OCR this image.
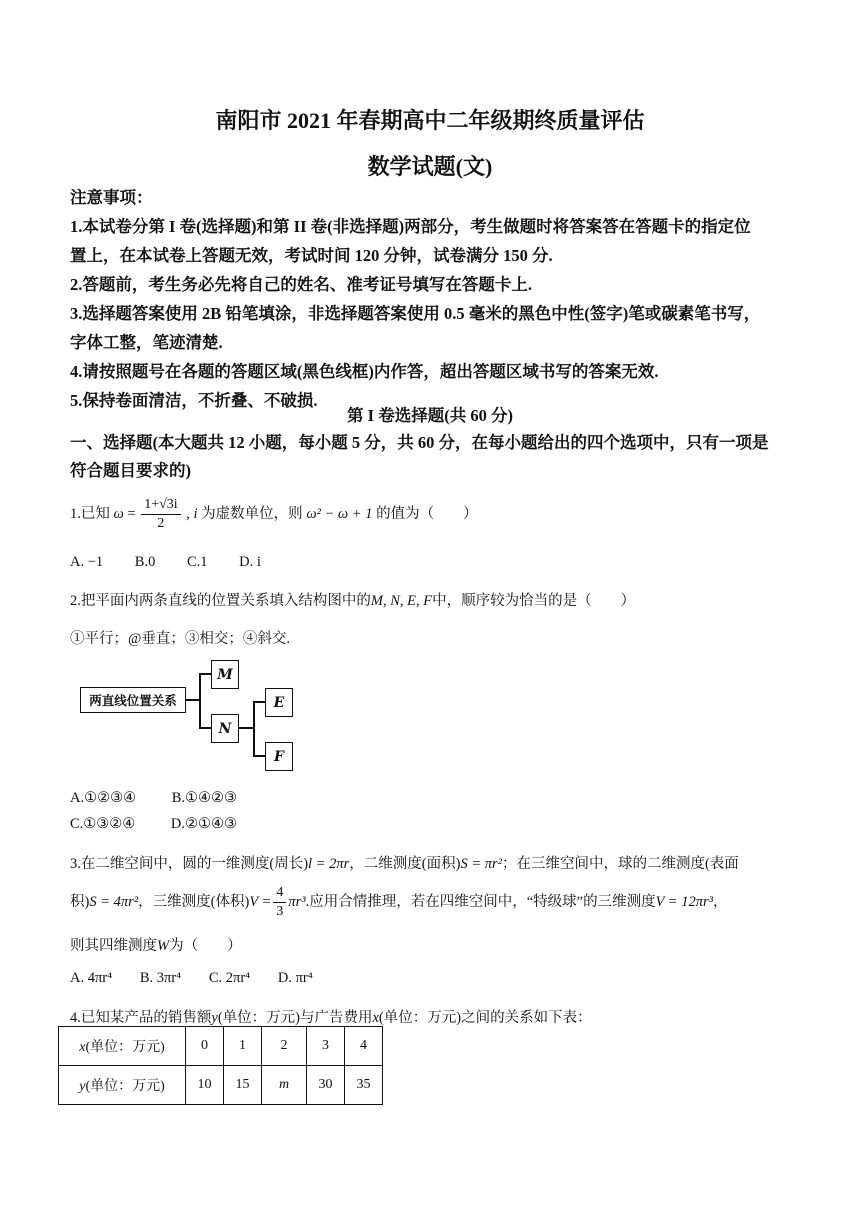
南阳市 2021 年春期高中二年级期终质量评估
数学试题(文)
注意事项：
1.本试卷分第 I 卷(选择题)和第 II 卷(非选择题)两部分，考生做题时将答案答在答题卡的指定位
置上，在本试卷上答题无效，考试时间 120 分钟，试卷满分 150 分.
2.答题前，考生务必先将自己的姓名、准考证号填写在答题卡上.
3.选择题答案使用 2B 铅笔填涂，非选择题答案使用 0.5 毫米的黑色中性(签字)笔或碳素笔书写，
字体工整，笔迹清楚.
4.请按照题号在各题的答题区域(黑色线框)内作答，超出答题区域书写的答案无效.
5.保持卷面清洁，不折叠、不破损.
第 I 卷选择题(共 60 分)
一、选择题(本大题共 12 小题，每小题 5 分，共 60 分，在每小题给出的四个选项中，只有一项是
符合题目要求的)
1.已知 $\omega = \frac{1+√3i}{2}$ , i 为虚数单位，则 ω² − ω + 1 的值为（　　）
A. −1 B.0 C.1 D. i
2.把平面内两条直线的位置关系填入结构图中的M, N, E, F中，顺序较为恰当的是（　　）
①平行；@垂直；③相交；④斜交.
两直线位置关系
M
N
E
F
A.①②③④ B.①④②③
C.①③②④ D.②①④③
3.在二维空间中，圆的一维测度(周长)l = 2πr，二维测度(面积)S = πr²；在三维空间中，球的二维测度(表面
积)S = 4πr²，三维测度(体积)$V = \frac{4}{3} \pi r^3$.应用合情推理，若在四维空间中，“特级球”的三维测度V = 12πr³，
则其四维测度W为（　　）
A. 4πr⁴ B. 3πr⁴ C. 2πr⁴ D. πr⁴
4.已知某产品的销售额y(单位：万元)与广告费用x(单位：万元)之间的关系如下表：
x(单位：万元)	0	1	2	3	4
y(单位：万元)	10	15	m	30	35
